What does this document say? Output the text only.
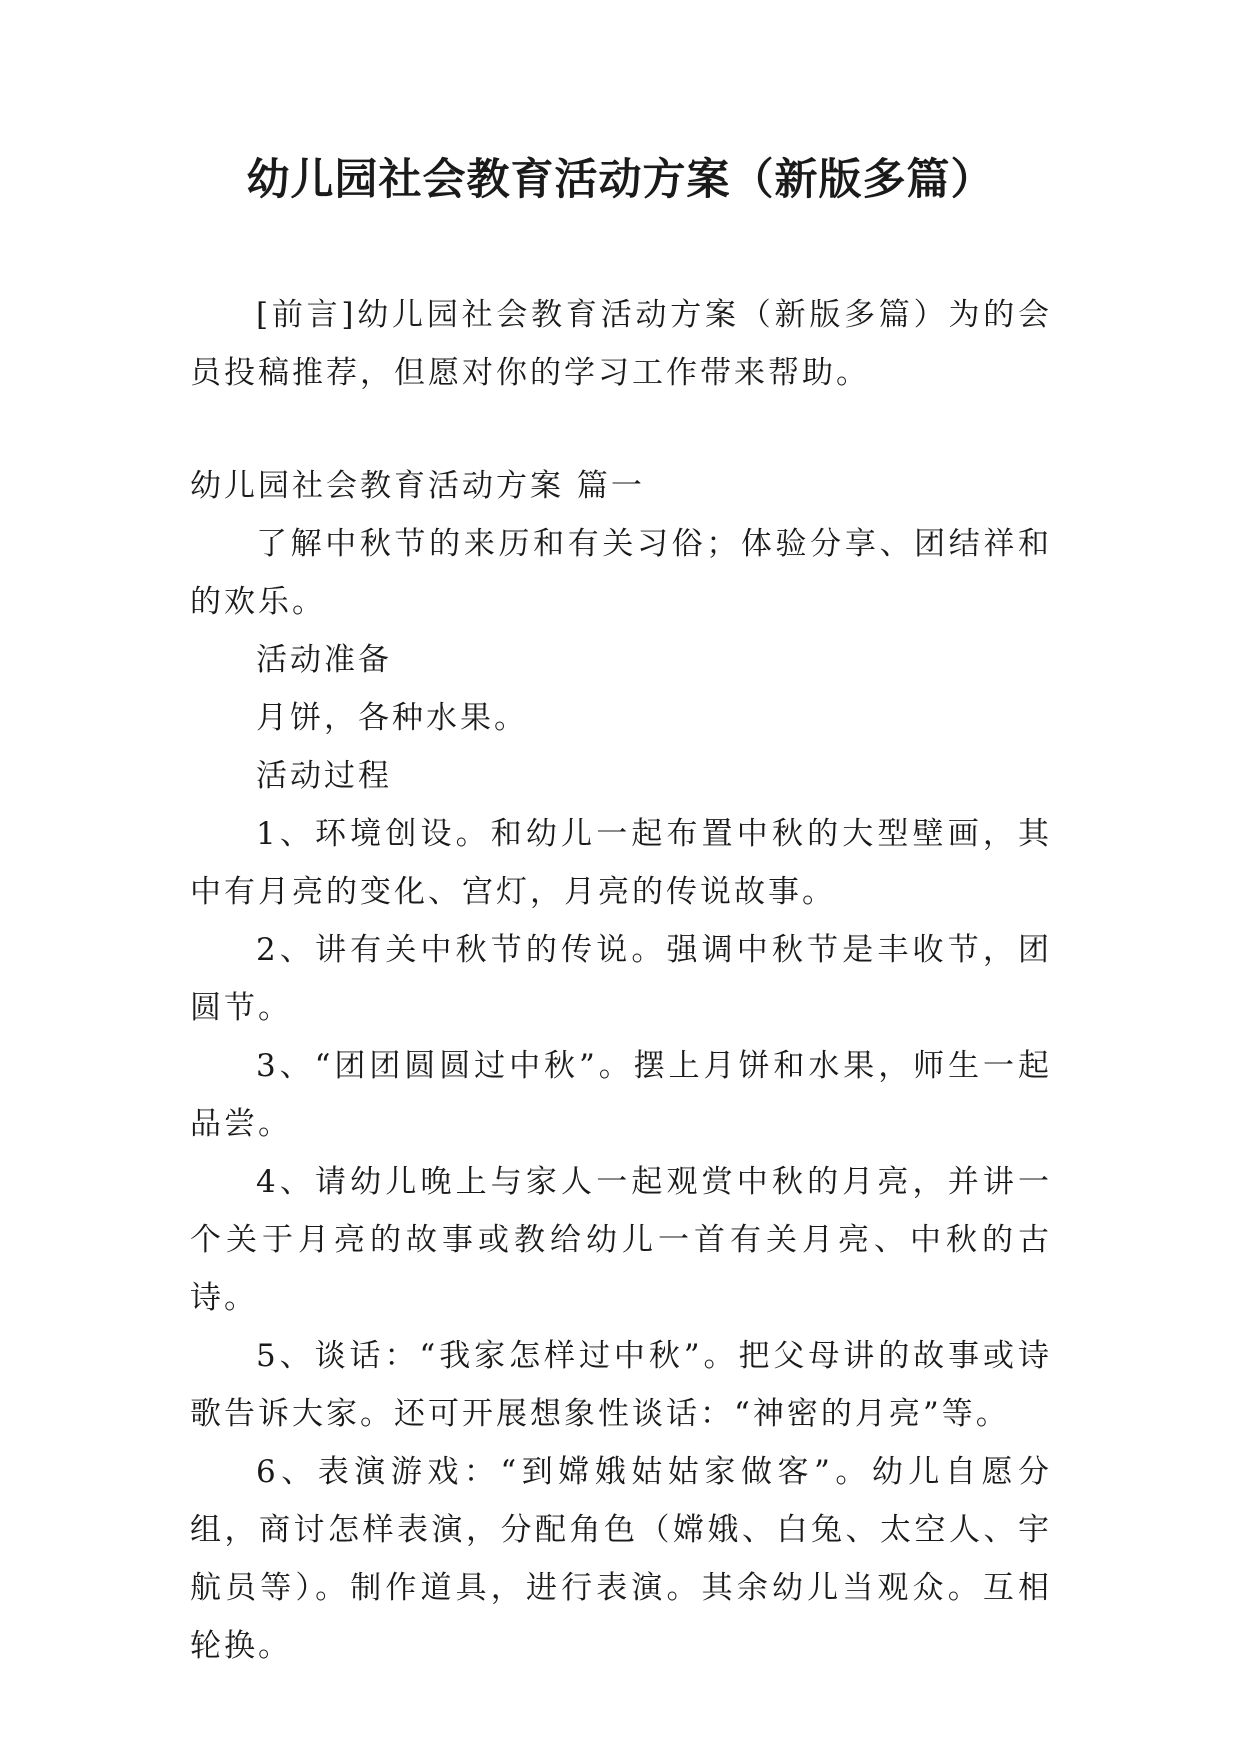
幼儿园社会教育活动方案（新版多篇）

[前言]幼儿园社会教育活动方案（新版多篇）为的会员投稿推荐，但愿对你的学习工作带来帮助。

幼儿园社会教育活动方案 篇一

了解中秋节的来历和有关习俗；体验分享、团结祥和的欢乐。

活动准备

月饼，各种水果。

活动过程

1、环境创设。和幼儿一起布置中秋的大型壁画，其中有月亮的变化、宫灯，月亮的传说故事。

2、讲有关中秋节的传说。强调中秋节是丰收节，团圆节。

3、“团团圆圆过中秋”。摆上月饼和水果，师生一起品尝。

4、请幼儿晚上与家人一起观赏中秋的月亮，并讲一个关于月亮的故事或教给幼儿一首有关月亮、中秋的古诗。

5、谈话：“我家怎样过中秋”。把父母讲的故事或诗歌告诉大家。还可开展想象性谈话：“神密的月亮”等。

6、表演游戏：“到嫦娥姑姑家做客”。幼儿自愿分组，商讨怎样表演，分配角色（嫦娥、白兔、太空人、宇航员等）。制作道具，进行表演。其余幼儿当观众。互相轮换。
